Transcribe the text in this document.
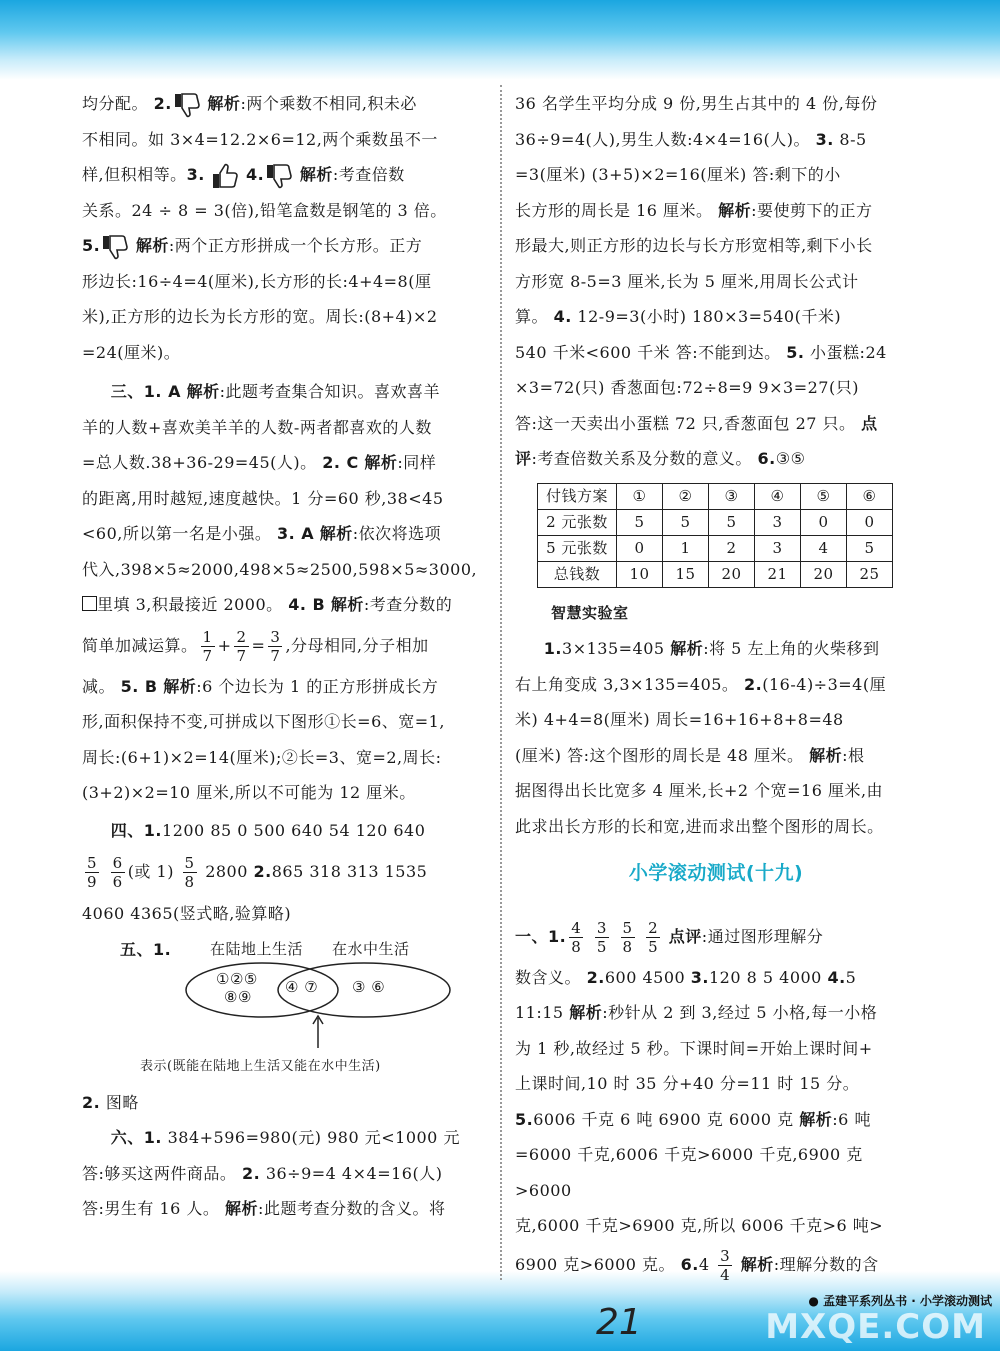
均分配。 2. 解析:两个乘数不相同,积未必

不相同。如 3×4=12.2×6=12,两个乘数虽不一

样,但积相等。3.	4. 解析:考查倍数

关系。24 ÷ 8 = 3(倍),铅笔盒数是钢笔的 3 倍。

5. 解析:两个正方形拼成一个长方形。正方

形边长:16÷4=4(厘米),长方形的长:4+4=8(厘

米),正方形的边长为长方形的宽。周长:(8+4)×2

=24(厘米)。

三、1. A 解析:此题考查集合知识。喜欢喜羊

羊的人数+喜欢美羊羊的人数-两者都喜欢的人数

=总人数.38+36-29=45(人)。 2. C 解析:同样

的距离,用时越短,速度越快。1 分=60 秒,38<45

<60,所以第一名是小强。 3. A 解析:依次将选项

代入,398×5≈2000,498×5≈2500,598×5≈3000,

里填 3,积最接近 2000。 4. B 解析:考查分数的

简单加减运算。 $\frac{1}{7} + \frac{2}{7} = \frac{3}{7}$ ,分母相同,分子相加

减。 5. B 解析:6 个边长为 1 的正方形拼成长方

形,面积保持不变,可拼成以下图形①长=6、宽=1,

周长:(6+1)×2=14(厘米);②长=3、宽=2,周长:

(3+2)×2=10 厘米,所以不可能为 12 厘米。

四、1.1200 85 0 500 640 54 120 640

$\frac{5}{9}$
$\frac{6}{6}$ (或 $1) \frac{5}{8} 2800$ 2.865 318 313 1535

4060 4365(竖式略,验算略)

五、1.	在陆地上生活 在水中生活
①②⑤
⑧⑨
④ ⑦ ③ ⑥

表示(既能在陆地上生活又能在水中生活)

2. 图略

六、1. 384+596=980(元) 980 元<1000 元

答:够买这两件商品。 2. 36÷9=4 4×4=16(人)

答:男生有 16 人。 解析:此题考查分数的含义。将

36 名学生平均分成 9 份,男生占其中的 4 份,每份

36÷9=4(人),男生人数:4×4=16(人)。 3. 8-5

=3(厘米) (3+5)×2=16(厘米) 答:剩下的小

长方形的周长是 16 厘米。 解析:要使剪下的正方

形最大,则正方形的边长与长方形宽相等,剩下小长

方形宽 8-5=3 厘米,长为 5 厘米,用周长公式计

算。 4. 12-9=3(小时) 180×3=540(千米)

540 千米<600 千米 答:不能到达。 5. 小蛋糕:24

×3=72(只) 香葱面包:72÷8=9 9×3=27(只)

答:这一天卖出小蛋糕 72 只,香葱面包 27 只。 点

评:考查倍数关系及分数的意义。 6.③⑤

付钱方案	①	②	③	④	⑤	⑥
2 元张数	5	5	5	3	0	0
5 元张数	0	1	2	3	4	5
总钱数	10	15	20	21	20	25

智慧实验室

1.3×135=405 解析:将 5 左上角的火柴移到

右上角变成 3,3×135=405。 2.(16-4)÷3=4(厘

米) 4+4=8(厘米) 周长=16+16+8+8=48

(厘米) 答:这个图形的周长是 48 厘米。 解析:根

据图得出长比宽多 4 厘米,长+2 个宽=16 厘米,由

此求出长方形的长和宽,进而求出整个图形的周长。

小学滚动测试(十九)

一、1. $\frac{4}{8}$
$\frac{3}{5}$
$\frac{5}{8}$
$\frac{2}{5}$ 点评:通过图形理解分

数含义。 2.600 4500 3.120 8 5 4000 4.5

11:15 解析:秒针从 2 到 3,经过 5 小格,每一小格

为 1 秒,故经过 5 秒。下课时间=开始上课时间+

上课时间,10 时 35 分+40 分=11 时 15 分。

5.6006 千克 6 吨 6900 克 6000 克 解析:6 吨

=6000 千克,6006 千克>6000 千克,6900 克>6000

克,6000 千克>6900 克,所以 6006 千克>6 吨>

6900 克>6000 克。 $6.4 \frac{3}{4}$ 解析:理解分数的含

● 孟建平系列丛书 · 小学滚动测试
21	MXQE.COM
